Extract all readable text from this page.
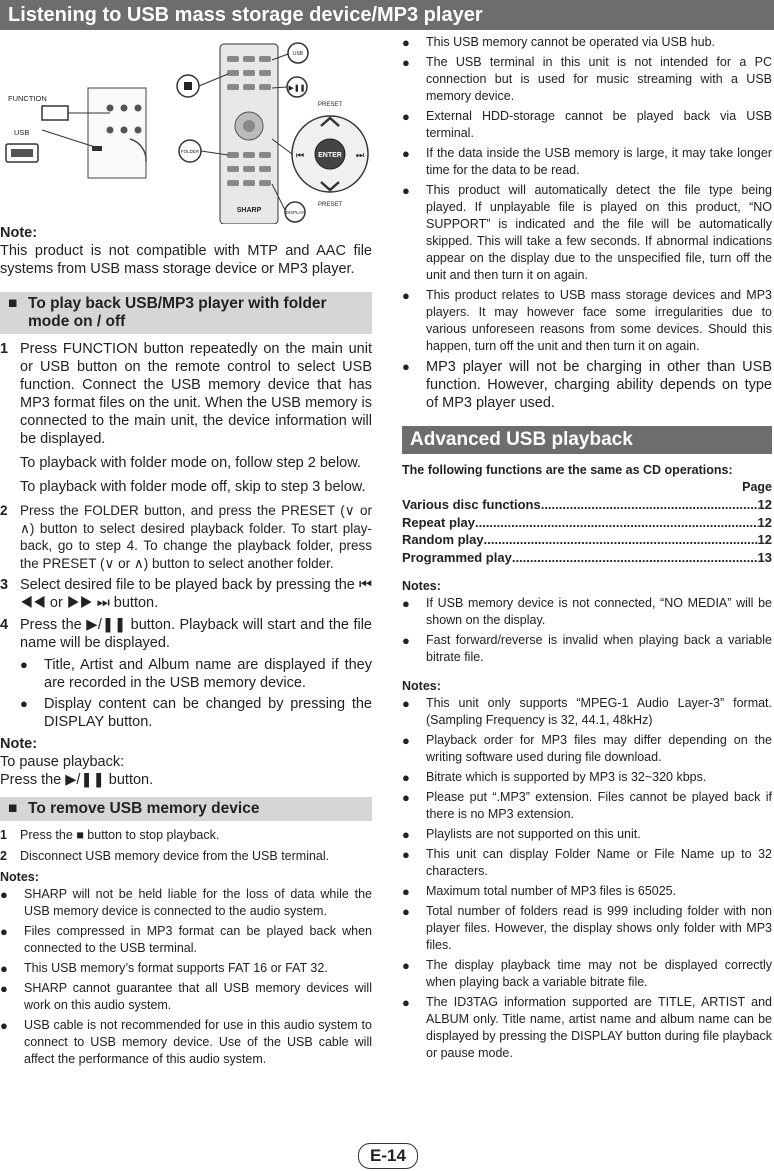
Listening to USB mass storage device/MP3 player
FUNCTION
USB
SHARP
FOLDER
USB
▶❚❚
DISPLAY
ENTER
⏮	⏭
PRESET
PRESET

Note:

This product is not compatible with MTP and AAC file systems from USB mass storage device or MP3 player.

■ To play back USB/MP3 player with folder mode on / off
1 Press FUNCTION button repeatedly on the main unit or USB button on the remote control to select USB function. Connect the USB memory device that has MP3 format files on the unit. When the USB memory is connected to the main unit, the device information will be displayed.

To playback with folder mode on, follow step 2 below.

To playback with folder mode off, skip to step 3 below.

2 Press the FOLDER button, and press the PRESET (∨ or ∧) button to select desired playback folder. To start play-back, go to step 4. To change the playback folder, press the PRESET (∨ or ∧) button to select another folder.
3 Select desired file to be played back by pressing the ⏮ ◀◀ or ▶▶ ⏭ button.
4 Press the ▶/❚❚ button. Playback will start and the file name will be displayed.
●	Title, Artist and Album name are displayed if they are recorded in the USB memory device.
●	Display content can be changed by pressing the DISPLAY button.

Note:

To pause playback:

Press the ▶/❚❚ button.

■ To remove USB memory device
1	Press the ■ button to stop playback.
2	Disconnect USB memory device from the USB terminal.

Notes:

●	SHARP will not be held liable for the loss of data while the USB memory device is connected to the audio system.
●	Files compressed in MP3 format can be played back when connected to the USB terminal.
●	This USB memory’s format supports FAT 16 or FAT 32.
●	SHARP cannot guarantee that all USB memory devices will work on this audio system.
●	USB cable is not recommended for use in this audio system to connect to USB memory device. Use of the USB cable will affect the performance of this audio system.
●	This USB memory cannot be operated via USB hub.
●	The USB terminal in this unit is not intended for a PC connection but is used for music streaming with a USB memory device.
●	External HDD-storage cannot be played back via USB terminal.
●	If the data inside the USB memory is large, it may take longer time for the data to be read.
●	This product will automatically detect the file type being played. If unplayable file is played on this product, “NO SUPPORT” is indicated and the file will be automatically skipped. This will take a few seconds. If abnormal indications appear on the display due to the unspecified file, turn off the unit and then turn it on again.
●	This product relates to USB mass storage devices and MP3 players. It may however face some irregularities due to various unforeseen reasons from some devices. Should this happen, turn off the unit and then turn it on again.
●	MP3 player will not be charging in other than USB function. However, charging ability depends on type of MP3 player used.
Advanced USB playback

The following functions are the same as CD operations:

Page

Various disc functions .....	12
Repeat play .....	12
Random play .....	12
Programmed play .....	13

Notes:

●	If USB memory device is not connected, “NO MEDIA” will be shown on the display.
●	Fast forward/reverse is invalid when playing back a variable bitrate file.

Notes:

●	This unit only supports “MPEG-1 Audio Layer-3” format. (Sampling Frequency is 32, 44.1, 48kHz)
●	Playback order for MP3 files may differ depending on the writing software used during file download.
●	Bitrate which is supported by MP3 is 32~320 kbps.
●	Please put “.MP3” extension. Files cannot be played back if there is no MP3 extension.
●	Playlists are not supported on this unit.
●	This unit can display Folder Name or File Name up to 32 characters.
●	Maximum total number of MP3 files is 65025.
●	Total number of folders read is 999 including folder with non player files. However, the display shows only folder with MP3 files.
●	The display playback time may not be displayed correctly when playing back a variable bitrate file.
●	The ID3TAG information supported are TITLE, ARTIST and ALBUM only. Title name, artist name and album name can be displayed by pressing the DISPLAY button during file playback or pause mode.
E-14
